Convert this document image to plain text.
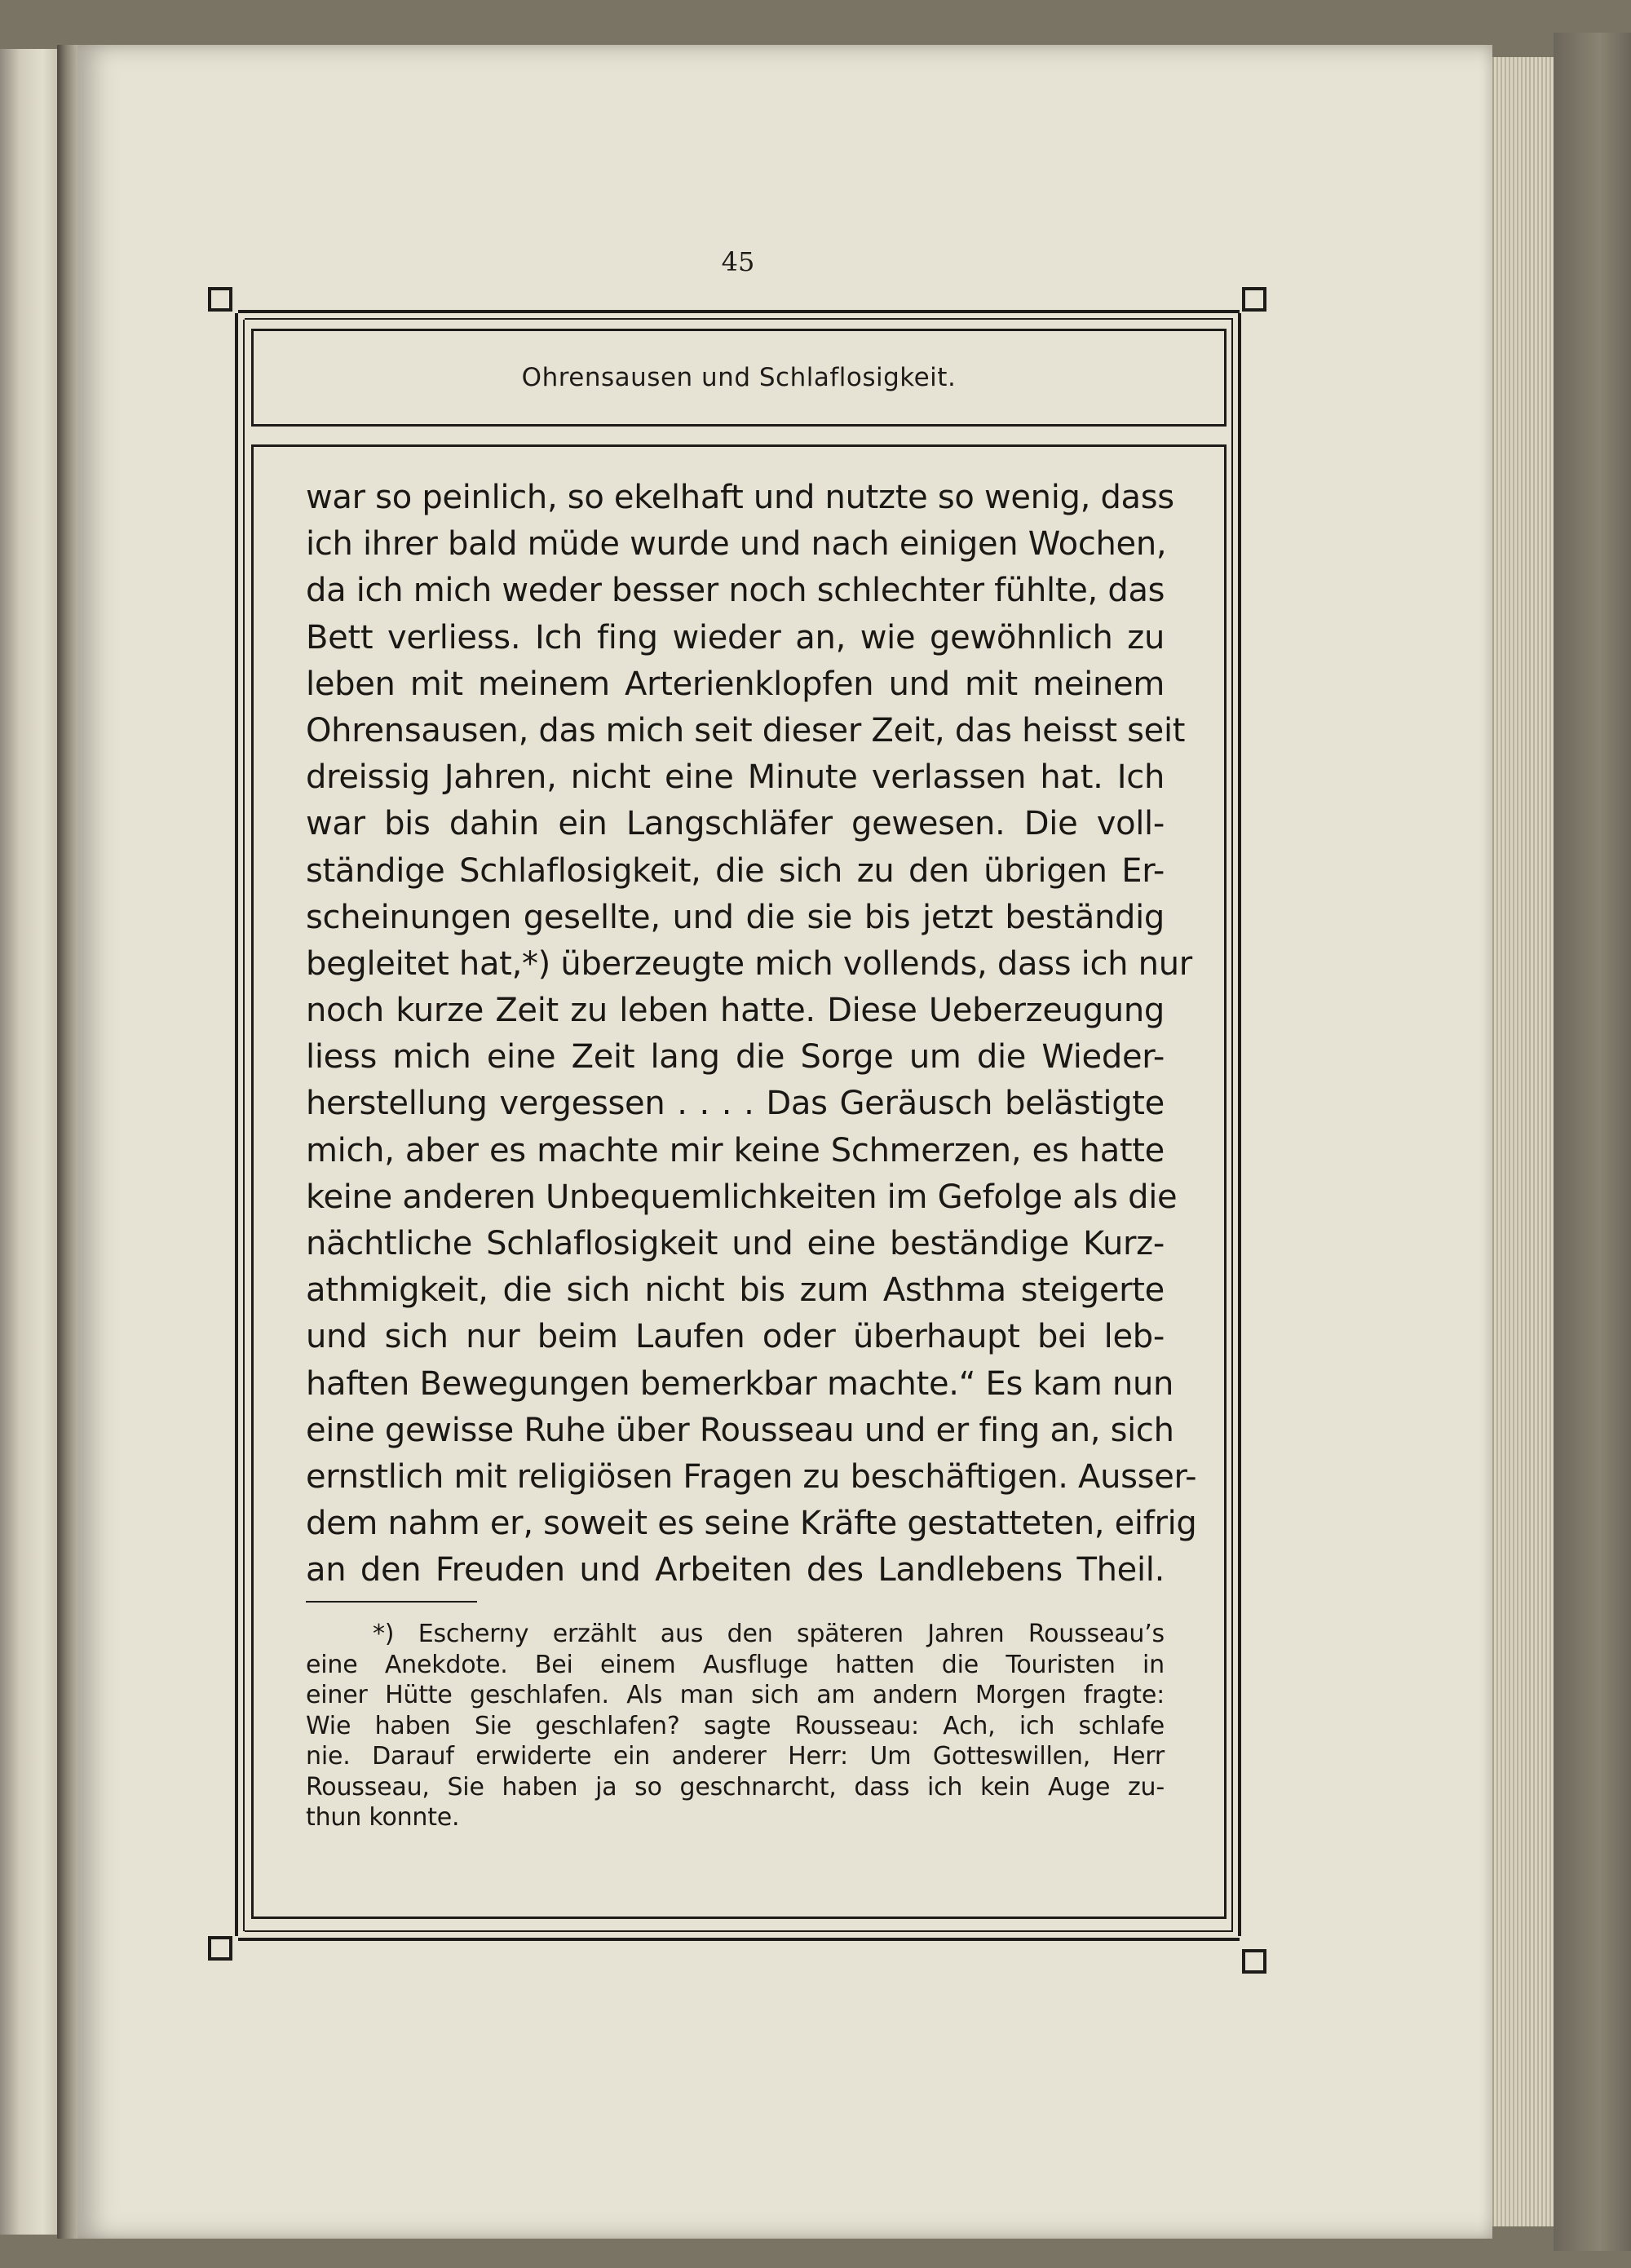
45
Ohrensausen und Schlaflosigkeit.
war so peinlich, so ekelhaft und nutzte so wenig, dass
ich ihrer bald müde wurde und nach einigen Wochen,
da ich mich weder besser noch schlechter fühlte, das
Bett verliess. Ich fing wieder an, wie gewöhnlich zu
leben mit meinem Arterienklopfen und mit meinem
Ohrensausen, das mich seit dieser Zeit, das heisst seit
dreissig Jahren, nicht eine Minute verlassen hat. Ich
war bis dahin ein Langschläfer gewesen. Die voll-
ständige Schlaflosigkeit, die sich zu den übrigen Er-
scheinungen gesellte, und die sie bis jetzt beständig
begleitet hat,*) überzeugte mich vollends, dass ich nur
noch kurze Zeit zu leben hatte. Diese Ueberzeugung
liess mich eine Zeit lang die Sorge um die Wieder-
herstellung vergessen . . . . Das Geräusch belästigte
mich, aber es machte mir keine Schmerzen, es hatte
keine anderen Unbequemlichkeiten im Gefolge als die
nächtliche Schlaflosigkeit und eine beständige Kurz-
athmigkeit, die sich nicht bis zum Asthma steigerte
und sich nur beim Laufen oder überhaupt bei leb-
haften Bewegungen bemerkbar machte.“ Es kam nun
eine gewisse Ruhe über Rousseau und er fing an, sich
ernstlich mit religiösen Fragen zu beschäftigen. Ausser-
dem nahm er, soweit es seine Kräfte gestatteten, eifrig
an den Freuden und Arbeiten des Landlebens Theil.
*) Escherny erzählt aus den späteren Jahren Rousseau’s
eine Anekdote. Bei einem Ausfluge hatten die Touristen in
einer Hütte geschlafen. Als man sich am andern Morgen fragte:
Wie haben Sie geschlafen? sagte Rousseau: Ach, ich schlafe
nie. Darauf erwiderte ein anderer Herr: Um Gotteswillen, Herr
Rousseau, Sie haben ja so geschnarcht, dass ich kein Auge zu-
thun konnte.
